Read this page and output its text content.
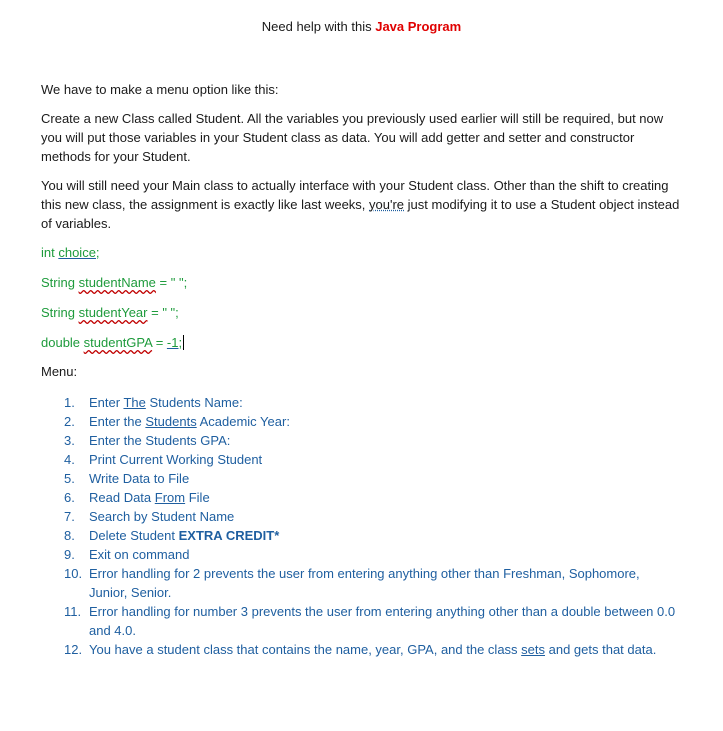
Need help with this Java Program
We have to make a menu option like this:
Create a new Class called Student. All the variables you previously used earlier will still be required, but now you will put those variables in your Student class as data. You will add getter and setter and constructor methods for your Student.
You will still need your Main class to actually interface with your Student class. Other than the shift to creating this new class, the assignment is exactly like last weeks, you're just modifying it to use a Student object instead of variables.
int choice;
String studentName = " ";
String studentYear = " ";
double studentGPA = -1;
Menu:
1. Enter The Students Name:
2. Enter the Students Academic Year:
3. Enter the Students GPA:
4. Print Current Working Student
5. Write Data to File
6. Read Data From File
7. Search by Student Name
8. Delete Student EXTRA CREDIT*
9. Exit on command
10. Error handling for 2 prevents the user from entering anything other than Freshman, Sophomore, Junior, Senior.
11. Error handling for number 3 prevents the user from entering anything other than a double between 0.0 and 4.0.
12. You have a student class that contains the name, year, GPA, and the class sets and gets that data.
